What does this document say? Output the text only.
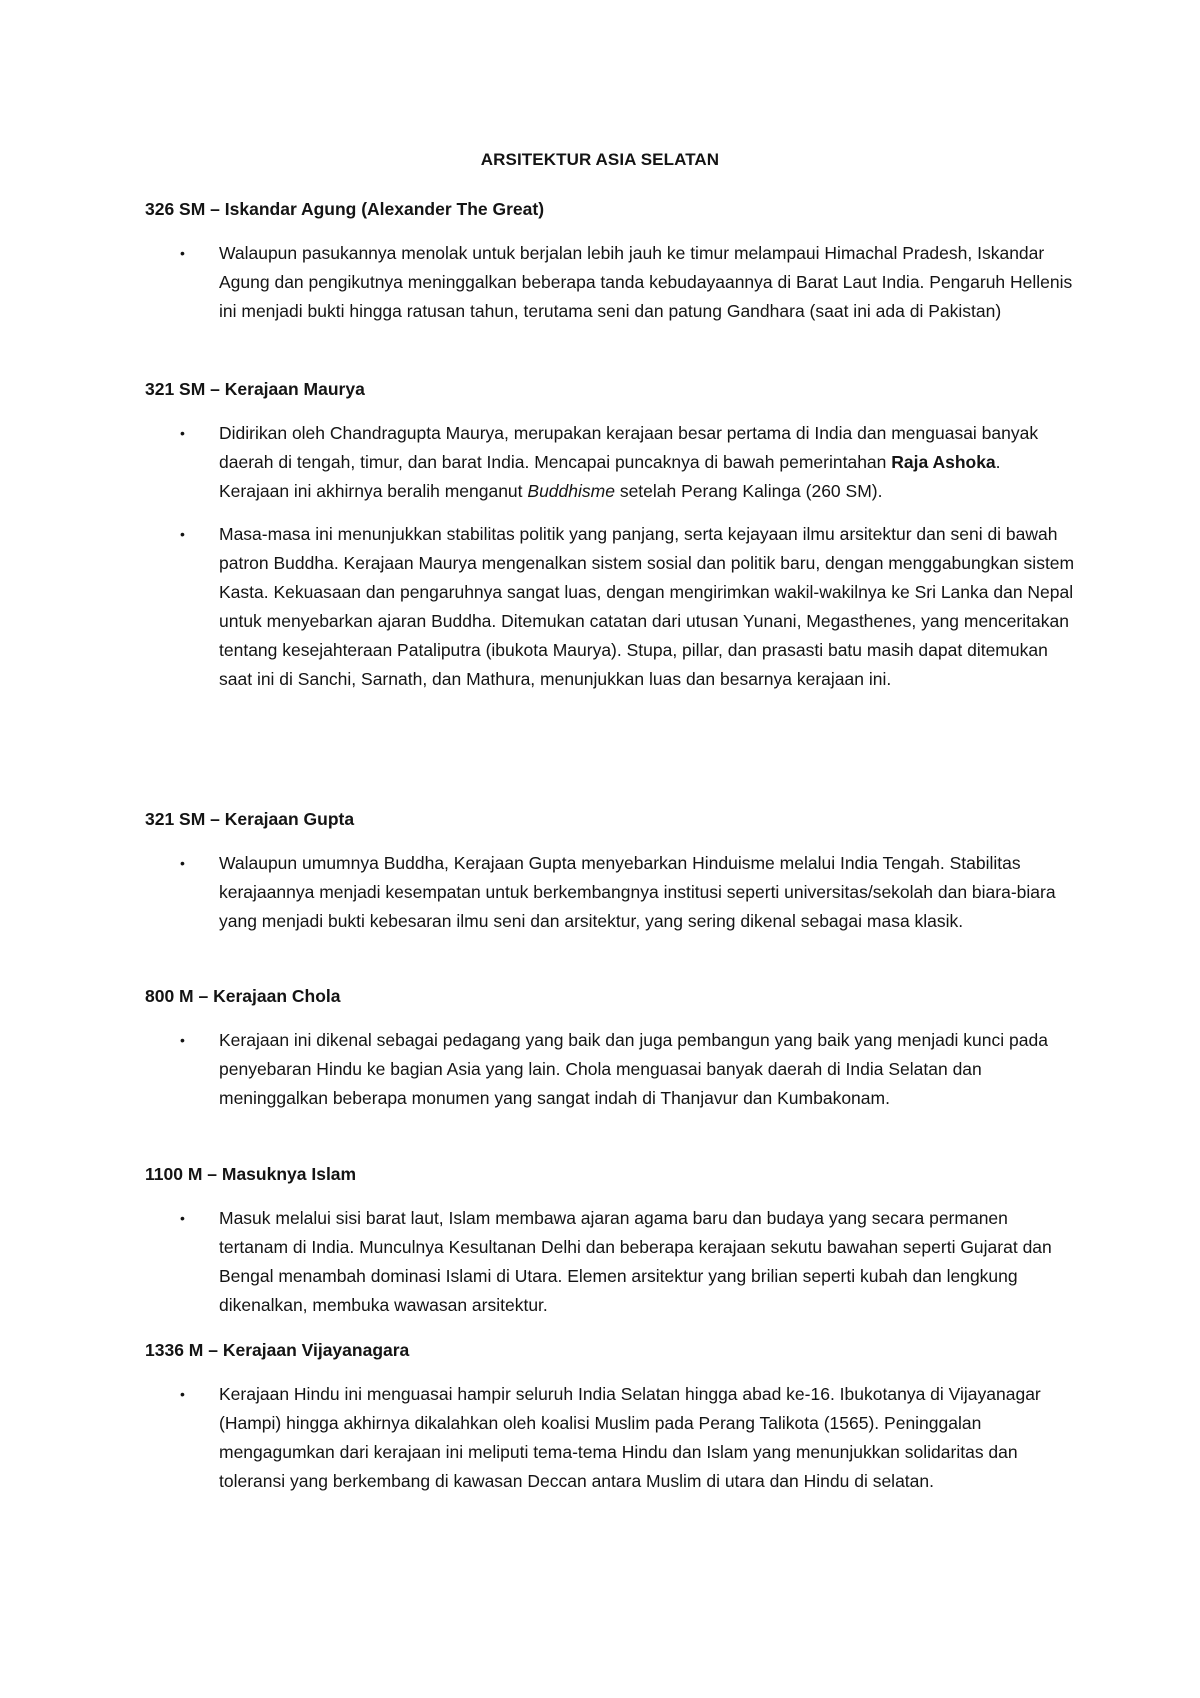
ARSITEKTUR ASIA SELATAN
326 SM – Iskandar Agung (Alexander The Great)
• Walaupun pasukannya menolak untuk berjalan lebih jauh ke timur melampaui Himachal Pradesh, Iskandar Agung dan pengikutnya meninggalkan beberapa tanda kebudayaannya di Barat Laut India. Pengaruh Hellenis ini menjadi bukti hingga ratusan tahun, terutama seni dan patung Gandhara (saat ini ada di Pakistan)
321 SM – Kerajaan Maurya
• Didirikan oleh Chandragupta Maurya, merupakan kerajaan besar pertama di India dan menguasai banyak daerah di tengah, timur, dan barat India. Mencapai puncaknya di bawah pemerintahan Raja Ashoka. Kerajaan ini akhirnya beralih menganut Buddhisme setelah Perang Kalinga (260 SM).
• Masa-masa ini menunjukkan stabilitas politik yang panjang, serta kejayaan ilmu arsitektur dan seni di bawah patron Buddha. Kerajaan Maurya mengenalkan sistem sosial dan politik baru, dengan menggabungkan sistem Kasta. Kekuasaan dan pengaruhnya sangat luas, dengan mengirimkan wakil-wakilnya ke Sri Lanka dan Nepal untuk menyebarkan ajaran Buddha. Ditemukan catatan dari utusan Yunani, Megasthenes, yang menceritakan tentang kesejahteraan Pataliputra (ibukota Maurya). Stupa, pillar, dan prasasti batu masih dapat ditemukan saat ini di Sanchi, Sarnath, dan Mathura, menunjukkan luas dan besarnya kerajaan ini.
321 SM – Kerajaan Gupta
• Walaupun umumnya Buddha, Kerajaan Gupta menyebarkan Hinduisme melalui India Tengah. Stabilitas kerajaannya menjadi kesempatan untuk berkembangnya institusi seperti universitas/sekolah dan biara-biara yang menjadi bukti kebesaran ilmu seni dan arsitektur, yang sering dikenal sebagai masa klasik.
800 M – Kerajaan Chola
• Kerajaan ini dikenal sebagai pedagang yang baik dan juga pembangun yang baik yang menjadi kunci pada penyebaran Hindu ke bagian Asia yang lain. Chola menguasai banyak daerah di India Selatan dan meninggalkan beberapa monumen yang sangat indah di Thanjavur dan Kumbakonam.
1100 M – Masuknya Islam
• Masuk melalui sisi barat laut, Islam membawa ajaran agama baru dan budaya yang secara permanen tertanam di India. Munculnya Kesultanan Delhi dan beberapa kerajaan sekutu bawahan seperti Gujarat dan Bengal menambah dominasi Islami di Utara. Elemen arsitektur yang brilian seperti kubah dan lengkung dikenalkan, membuka wawasan arsitektur.
1336 M – Kerajaan Vijayanagara
• Kerajaan Hindu ini menguasai hampir seluruh India Selatan hingga abad ke-16. Ibukotanya di Vijayanagar (Hampi) hingga akhirnya dikalahkan oleh koalisi Muslim pada Perang Talikota (1565). Peninggalan mengagumkan dari kerajaan ini meliputi tema-tema Hindu dan Islam yang menunjukkan solidaritas dan toleransi yang berkembang di kawasan Deccan antara Muslim di utara dan Hindu di selatan.
